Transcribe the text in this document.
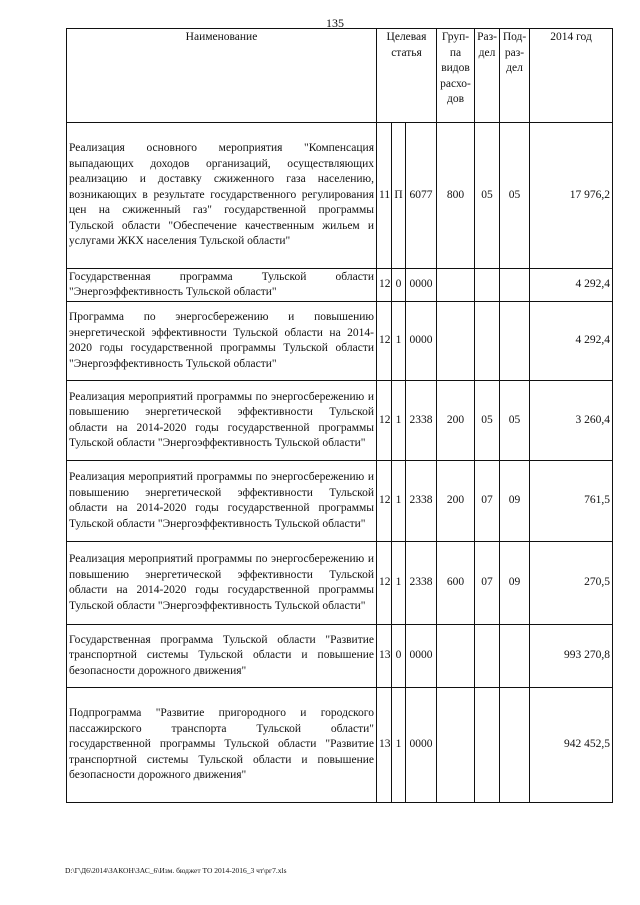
135
Наименование	Целевая статья			Груп-па видов расхо-дов	Раз-дел	Под-раз-дел	2014 год
Реализация основного мероприятия "Компенсация выпадающих доходов организаций, осуществляющих реализацию и доставку сжиженного газа населению, возникающих в результате государственного регулирования цен на сжиженный газ" государственной программы Тульской области "Обеспечение качественным жильем и услугами ЖКХ населения Тульской области"	11	П	6077	800	05	05	17 976,2
Государственная программа Тульской области "Энергоэффективность Тульской области"	12	0	0000				4 292,4
Программа по энергосбережению и повышению энергетической эффективности Тульской области на 2014-2020 годы государственной программы Тульской области "Энергоэффективность Тульской области"	12	1	0000				4 292,4
Реализация мероприятий программы по энергосбережению и повышению энергетической эффективности Тульской области на 2014-2020 годы государственной программы Тульской области "Энергоэффективность Тульской области"	12	1	2338	200	05	05	3 260,4
Реализация мероприятий программы по энергосбережению и повышению энергетической эффективности Тульской области на 2014-2020 годы государственной программы Тульской области "Энергоэффективность Тульской области"	12	1	2338	200	07	09	761,5
Реализация мероприятий программы по энергосбережению и повышению энергетической эффективности Тульской области на 2014-2020 годы государственной программы Тульской области "Энергоэффективность Тульской области"	12	1	2338	600	07	09	270,5
Государственная программа Тульской области "Развитие транспортной системы Тульской области и повышение безопасности дорожного движения"	13	0	0000				993 270,8
Подпрограмма "Развитие пригородного и городского пассажирского транспорта Тульской области" государственной программы Тульской области "Развитие транспортной системы Тульской области и повышение безопасности дорожного движения"	13	1	0000				942 452,5
D:\Г\Д6\2014\ЗАКОН\ЗАС_6\Изм. бюджет ТО 2014-2016_3 чт\рг7.xls
